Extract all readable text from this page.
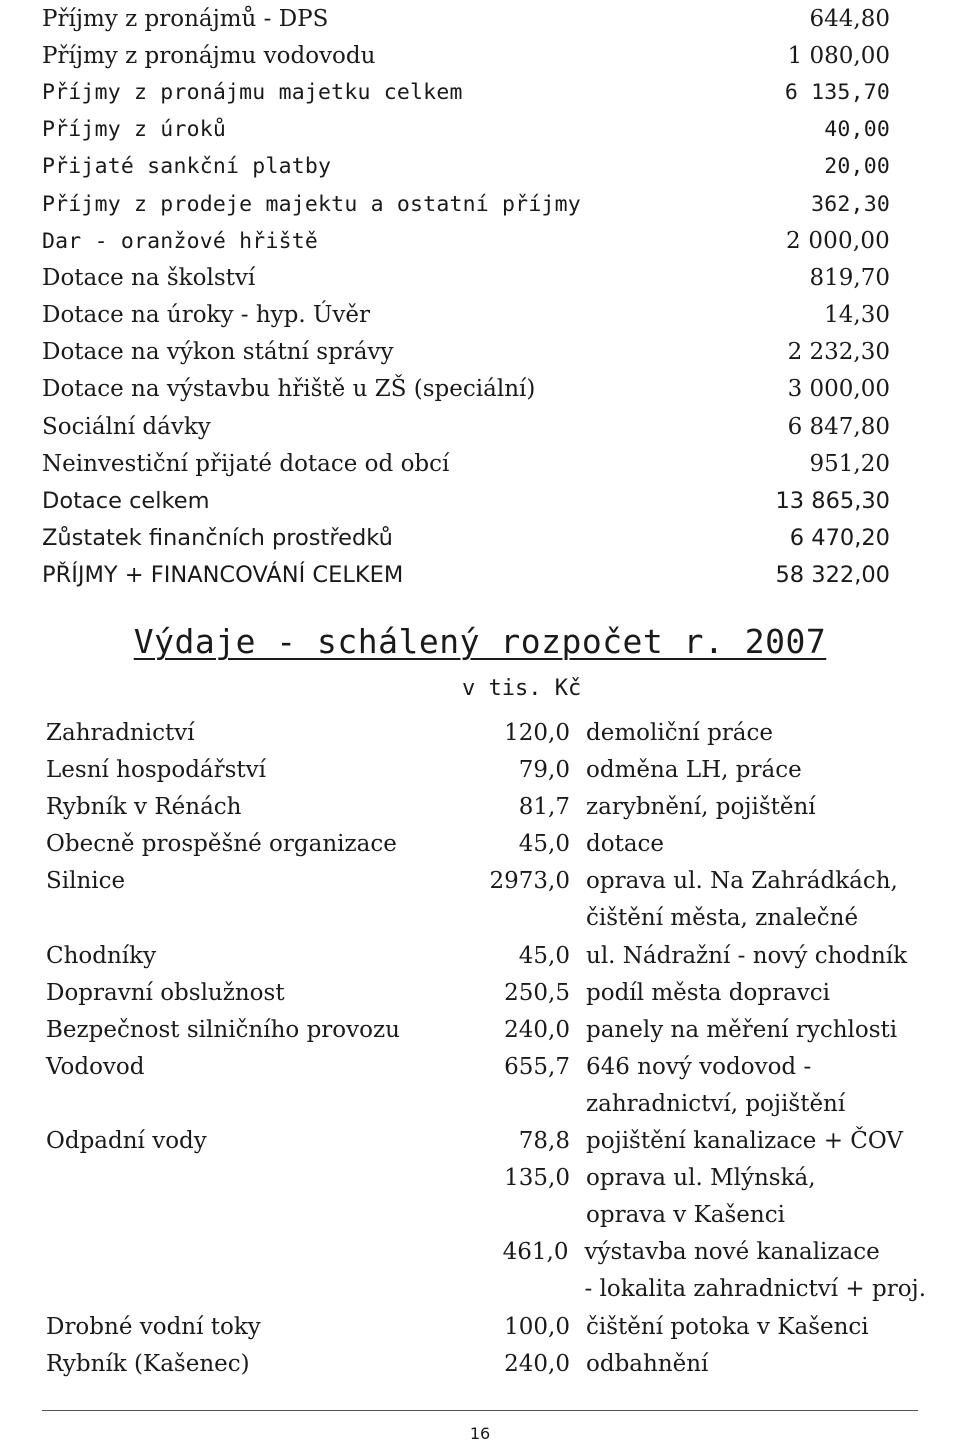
Příjmy z pronájmů - DPS	644,80
Příjmy z pronájmu vodovodu	1 080,00
Příjmy z pronájmu majetku celkem	6 135,70
Příjmy z úroků	40,00
Přijaté sankční platby	20,00
Příjmy z prodeje majektu a ostatní příjmy	362,30
Dar - oranžové hřiště	2 000,00
Dotace na školství	819,70
Dotace na úroky - hyp. Úvěr	14,30
Dotace na výkon státní správy	2 232,30
Dotace na výstavbu hřiště u ZŠ (speciální)	3 000,00
Sociální dávky	6 847,80
Neinvestiční přijaté dotace od obcí	951,20
Dotace celkem	13 865,30
Zůstatek finančních prostředků	6 470,20
PŘÍJMY + FINANCOVÁNÍ CELKEM	58 322,00
Výdaje - schálený rozpočet r. 2007
v tis. Kč
Zahradnictví	120,0 demoliční práce
Lesní hospodářství	79,0 odměna LH, práce
Rybník v Rénách	81,7 zarybnění, pojištění
Obecně prospěšné organizace	45,0 dotace
Silnice	2973,0 oprava ul. Na Zahrádkách,
čištění města, znalečné
Chodníky	45,0 ul. Nádražní - nový chodník
Dopravní obslužnost	250,5 podíl města dopravci
Bezpečnost silničního provozu	240,0 panely na měření rychlosti
Vodovod	655,7 646 nový vodovod -
zahradnictví, pojištění
Odpadní vody	78,8 pojištění kanalizace + ČOV
135,0 oprava ul. Mlýnská,
oprava v Kašenci
461,0 výstavba nové kanalizace
- lokalita zahradnictví + proj.
Drobné vodní toky	100,0 čištění potoka v Kašenci
Rybník (Kašenec)	240,0 odbahnění
16
